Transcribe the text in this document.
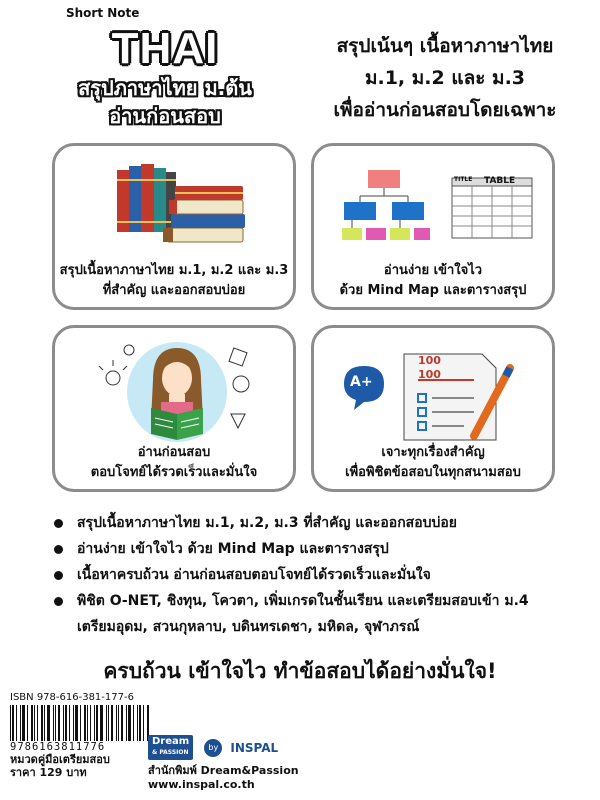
Short Note
THAI
สรุปภาษาไทย ม.ต้น
อ่านก่อนสอบ
สรุปเน้นๆ เนื้อหาภาษาไทย
ม.1, ม.2 และ ม.3
เพื่ออ่านก่อนสอบโดยเฉพาะ
สรุปเนื้อหาภาษาไทย ม.1, ม.2 และ ม.3
ที่สำคัญ และออกสอบบ่อย
TITLE TABLE
อ่านง่าย เข้าใจไว
ด้วย Mind Map และตารางสรุป
อ่านก่อนสอบ
ตอบโจทย์ได้รวดเร็วและมั่นใจ
A+
100
100
เจาะทุกเรื่องสำคัญ
เพื่อพิชิตข้อสอบในทุกสนามสอบ
สรุปเนื้อหาภาษาไทย ม.1, ม.2, ม.3 ที่สำคัญ และออกสอบบ่อย
อ่านง่าย เข้าใจไว ด้วย Mind Map และตารางสรุป
เนื้อหาครบถ้วน อ่านก่อนสอบตอบโจทย์ได้รวดเร็วและมั่นใจ
พิชิต O-NET, ชิงทุน, โควตา, เพิ่มเกรดในชั้นเรียน และเตรียมสอบเข้า ม.4
เตรียมอุดม, สวนกุหลาบ, บดินทรเดชา, มหิดล, จุฬาภรณ์
ครบถ้วน เข้าใจไว ทำข้อสอบได้อย่างมั่นใจ!
ISBN 978-616-381-177-6
9786163811776
หมวดคู่มือเตรียมสอบ
ราคา 129 บาท
Dream
& PASSION by INSPAL
สำนักพิมพ์ Dream&Passion
www.inspal.co.th
